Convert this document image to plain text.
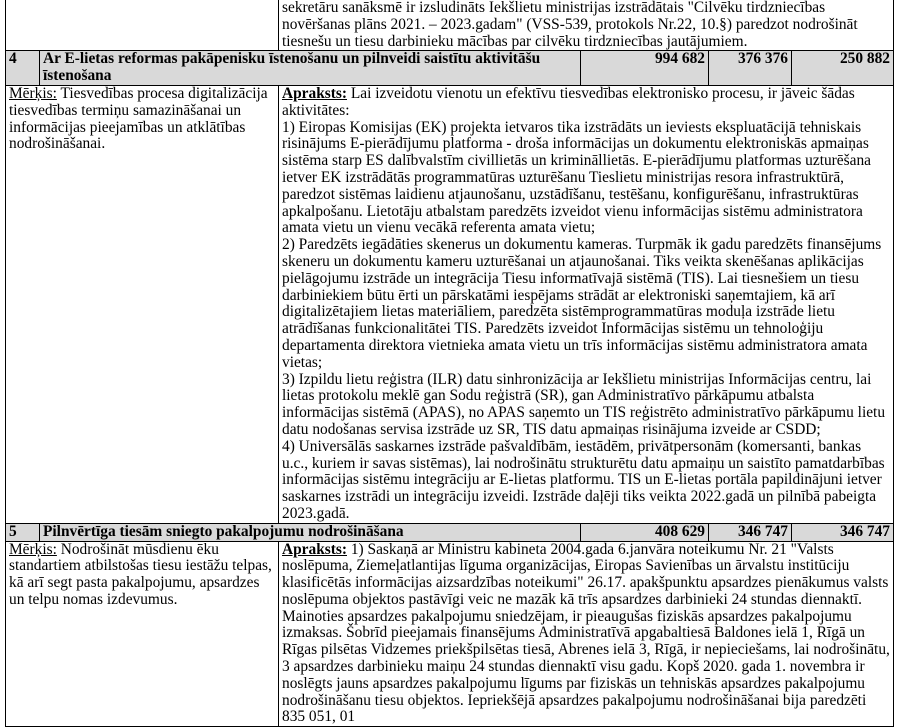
		sekretāru sanāksmē ir izsludināts Iekšlietu ministrijas izstrādātais "Cilvēku tirdzniecības novēršanas plāns 2021. – 2023.gadam" (VSS-539, protokols Nr.22, 10.§) paredzot nodrošināt tiesnešu un tiesu darbinieku mācības par cilvēku tirdzniecības jautājumiem.			
4	Ar E-lietas reformas pakāpenisku īstenošanu un pilnveidi saistītu aktivitāšu īstenošana		994 682	376 376	250 882
Mērķis: Tiesvedības procesa digitalizācija tiesvedības termiņu samazināšanai un informācijas pieejamības un atklātības nodrošināšanai.		Apraksts: Lai izveidotu vienotu un efektīvu tiesvedības elektronisko procesu, ir jāveic šādas aktivitātes:
1) Eiropas Komisijas (EK) projekta ietvaros tika izstrādāts un ieviests ekspluatācijā tehniskais risinājums E-pierādījumu platforma - droša informācijas un dokumentu elektroniskās apmaiņas sistēma starp ES dalībvalstīm civillietās un krimināllietās. E-pierādījumu platformas uzturēšana ietver EK izstrādātās programmatūras uzturēšanu Tieslietu ministrijas resora infrastruktūrā, paredzot sistēmas laidienu atjaunošanu, uzstādīšanu, testēšanu, konfigurēšanu, infrastruktūras apkalpošanu. Lietotāju atbalstam paredzēts izveidot vienu informācijas sistēmu administratora amata vietu un vienu vecākā referenta amata vietu;
2) Paredzēts iegādāties skenerus un dokumentu kameras. Turpmāk ik gadu paredzēts finansējums skeneru un dokumentu kameru uzturēšanai un atjaunošanai. Tiks veikta skenēšanas aplikācijas pielāgojumu izstrāde un integrācija Tiesu informatīvajā sistēmā (TIS). Lai tiesnešiem un tiesu darbiniekiem būtu ērti un pārskatāmi iespējams strādāt ar elektroniski saņemtajiem, kā arī digitalizētajiem lietas materiāliem, paredzēta sistēmprogrammatūras moduļa izstrāde lietu atrādīšanas funkcionalitātei TIS. Paredzēts izveidot Informācijas sistēmu un tehnoloģiju departamenta direktora vietnieka amata vietu un trīs informācijas sistēmu administratora amata vietas;
3) Izpildu lietu reģistra (ILR) datu sinhronizācija ar Iekšlietu ministrijas Informācijas centru, lai lietas protokolu meklē gan Sodu reģistrā (SR), gan Administratīvo pārkāpumu atbalsta informācijas sistēmā (APAS), no APAS saņemto un TIS reģistrēto administratīvo pārkāpumu lietu datu nodošanas servisa izstrāde uz SR, TIS datu apmaiņas risinājuma izveide ar CSDD;
4) Universālās saskarnes izstrāde pašvaldībām, iestādēm, privātpersonām (komersanti, bankas u.c., kuriem ir savas sistēmas), lai nodrošinātu strukturētu datu apmaiņu un saistīto pamatdarbības informācijas sistēmu integrāciju ar E-lietas platformu. TIS un E-lietas portāla papildinājuni ietver saskarnes izstrādi un integrāciju izveidi. Izstrāde daļēji tiks veikta 2022.gadā un pilnībā pabeigta 2023.gadā.			

5	Pilnvērtīga tiesām sniegto pakalpojumu nodrošināšana		408 629	346 747	346 747
Mērķis: Nodrošināt mūsdienu ēku standartiem atbilstošas tiesu iestāžu telpas, kā arī segt pasta pakalpojumu, apsardzes un telpu nomas izdevumus.		Apraksts: 1) Saskaņā ar Ministru kabineta 2004.gada 6.janvāra noteikumu Nr. 21 "Valsts noslēpuma, Ziemeļatlantijas līguma organizācijas, Eiropas Savienības un ārvalstu institūciju klasificētās informācijas aizsardzības noteikumi" 26.17. apakšpunktu apsardzes pienākumus valsts noslēpuma objektos pastāvīgi veic ne mazāk kā trīs apsardzes darbinieki 24 stundas diennaktī. Mainoties apsardzes pakalpojumu sniedzējam, ir pieaugušas fiziskās apsardzes pakalpojumu izmaksas. Šobrīd pieejamais finansējums Administratīvā apgabaltiesā Baldones ielā 1, Rīgā un Rīgas pilsētas Vidzemes priekšpilsētas tiesā, Abrenes ielā 3, Rīgā, ir nepieciešams, lai nodrošinātu, 3 apsardzes darbinieku maiņu 24 stundas diennaktī visu gadu. Kopš 2020. gada 1. novembra ir noslēgts jauns apsardzes pakalpojumu līgums par fiziskās un tehniskās apsardzes pakalpojumu nodrošināšanu tiesu objektos. Iepriekšējā apsardzes pakalpojumu nodrošināšanai bija paredzēti 835 051, 01			
